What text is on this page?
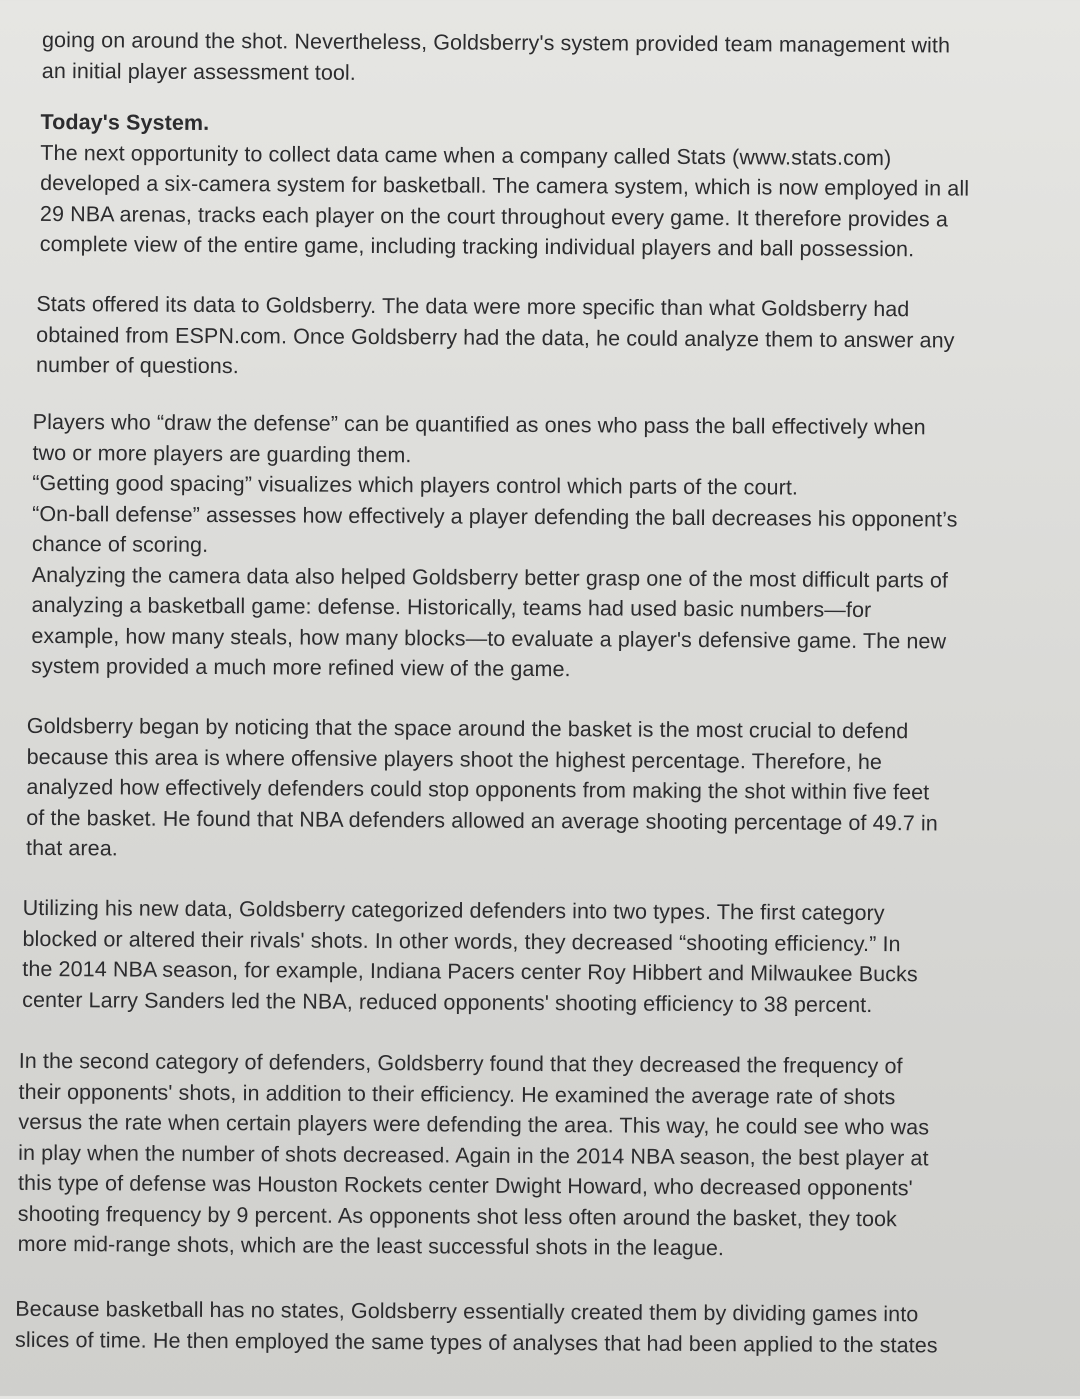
going on around the shot. Nevertheless, Goldsberry's system provided team management with
an initial player assessment tool.
Today's System.
The next opportunity to collect data came when a company called Stats (www.stats.com)
developed a six-camera system for basketball. The camera system, which is now employed in all
29 NBA arenas, tracks each player on the court throughout every game. It therefore provides a
complete view of the entire game, including tracking individual players and ball possession.
Stats offered its data to Goldsberry. The data were more specific than what Goldsberry had
obtained from ESPN.com. Once Goldsberry had the data, he could analyze them to answer any
number of questions.
Players who “draw the defense” can be quantified as ones who pass the ball effectively when
two or more players are guarding them.
“Getting good spacing” visualizes which players control which parts of the court.
“On-ball defense” assesses how effectively a player defending the ball decreases his opponent’s
chance of scoring.
Analyzing the camera data also helped Goldsberry better grasp one of the most difficult parts of
analyzing a basketball game: defense. Historically, teams had used basic numbers—for
example, how many steals, how many blocks—to evaluate a player's defensive game. The new
system provided a much more refined view of the game.
Goldsberry began by noticing that the space around the basket is the most crucial to defend
because this area is where offensive players shoot the highest percentage. Therefore, he
analyzed how effectively defenders could stop opponents from making the shot within five feet
of the basket. He found that NBA defenders allowed an average shooting percentage of 49.7 in
that area.
Utilizing his new data, Goldsberry categorized defenders into two types. The first category
blocked or altered their rivals' shots. In other words, they decreased “shooting efficiency.” In
the 2014 NBA season, for example, Indiana Pacers center Roy Hibbert and Milwaukee Bucks
center Larry Sanders led the NBA, reduced opponents' shooting efficiency to 38 percent.
In the second category of defenders, Goldsberry found that they decreased the frequency of
their opponents' shots, in addition to their efficiency. He examined the average rate of shots
versus the rate when certain players were defending the area. This way, he could see who was
in play when the number of shots decreased. Again in the 2014 NBA season, the best player at
this type of defense was Houston Rockets center Dwight Howard, who decreased opponents'
shooting frequency by 9 percent. As opponents shot less often around the basket, they took
more mid-range shots, which are the least successful shots in the league.
Because basketball has no states, Goldsberry essentially created them by dividing games into
slices of time. He then employed the same types of analyses that had been applied to the states
